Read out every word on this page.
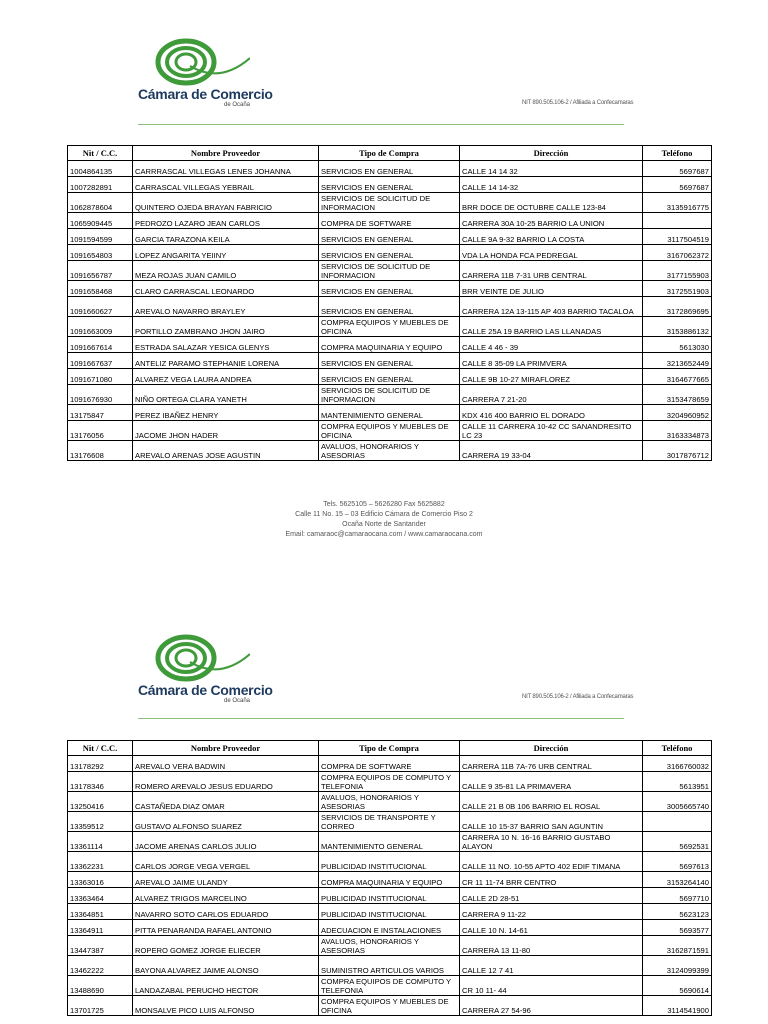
Cámara de Comercio
de Ocaña	NIT 890.505.106-2 / Afiliada a Confecamaras
Nit / C.C.	Nombre Proveedor	Tipo de Compra	Dirección	Teléfono
1004864135	CARRRASCAL VILLEGAS LENES JOHANNA	SERVICIOS EN GENERAL	CALLE 14 14 32	5697687
1007282891	CARRASCAL VILLEGAS YEBRAIL	SERVICIOS EN GENERAL	CALLE 14 14-32	5697687
1062878604	QUINTERO OJEDA BRAYAN FABRICIO	SERVICIOS DE SOLICITUD DE INFORMACION	BRR DOCE DE OCTUBRE CALLE 123-84	3135916775
1065909445	PEDROZO LAZARO JEAN CARLOS	COMPRA DE SOFTWARE	CARRERA 30A 10-25 BARRIO LA UNION	
1091594599	GARCIA TARAZONA KEILA	SERVICIOS EN GENERAL	CALLE 9A 9-32 BARRIO LA COSTA	3117504519
1091654803	LOPEZ ANGARITA YEIINY	SERVICIOS EN GENERAL	VDA LA HONDA FCA PEDREGAL	3167062372
1091656787	MEZA ROJAS JUAN CAMILO	SERVICIOS DE SOLICITUD DE INFORMACION	CARRERA 11B 7-31 URB CENTRAL	3177155903
1091658468	CLARO CARRASCAL LEONARDO	SERVICIOS EN GENERAL	BRR VEINTE DE JULIO	3172551903
1091660627	AREVALO NAVARRO BRAYLEY	SERVICIOS EN GENERAL	CARRERA 12A 13-115 AP 403 BARRIO TACALOA	3172869695
1091663009	PORTILLO ZAMBRANO JHON JAIRO	COMPRA EQUIPOS Y MUEBLES DE OFICINA	CALLE 25A 19 BARRIO LAS LLANADAS	3153886132
1091667614	ESTRADA SALAZAR YESICA GLENYS	COMPRA MAQUINARIA Y EQUIPO	CALLE 4 46 - 39	5613030
1091667637	ANTELIZ PARAMO STEPHANIE LORENA	SERVICIOS EN GENERAL	CALLE 8 35-09 LA PRIMVERA	3213652449
1091671080	ALVAREZ VEGA LAURA ANDREA	SERVICIOS EN GENERAL	CALLE 9B 10-27 MIRAFLOREZ	3164677665
1091676930	NIÑO ORTEGA CLARA YANETH	SERVICIOS DE SOLICITUD DE INFORMACION	CARRERA 7 21-20	3153478659
13175847	PEREZ IBAÑEZ HENRY	MANTENIMIENTO GENERAL	KDX 416 400 BARRIO EL DORADO	3204960952
13176056	JACOME JHON HADER	COMPRA EQUIPOS Y MUEBLES DE OFICINA	CALLE 11 CARRERA 10-42 CC SANANDRESITO LC 23	3163334873
13176608	AREVALO ARENAS JOSE AGUSTIN	AVALUOS, HONORARIOS Y ASESORIAS	CARRERA 19 33-04	3017876712
Tels. 5625105 – 5626280 Fax 5625882
Calle 11 No. 15 – 03 Edificio Cámara de Comercio Piso 2
Ocaña Norte de Santander
Email: camaraoc@camaraocana.com / www.camaraocana.com
Cámara de Comercio
de Ocaña
NIT 890.505.106-2 / Afiliada a Confecamaras
Nit / C.C.	Nombre Proveedor	Tipo de Compra	Dirección	Teléfono
13178292	AREVALO VERA BADWIN	COMPRA DE SOFTWARE	CARRERA 11B 7A-76 URB CENTRAL	3166760032
13178346	ROMERO AREVALO JESUS EDUARDO	COMPRA EQUIPOS DE COMPUTO Y TELEFONIA	CALLE 9 35-81 LA PRIMAVERA	5613951
13250416	CASTAÑEDA DIAZ OMAR	AVALUOS, HONORARIOS Y ASESORIAS	CALLE 21 B 0B 106 BARRIO EL ROSAL	3005665740
13359512	GUSTAVO ALFONSO SUAREZ	SERVICIOS DE TRANSPORTE Y CORREO	CALLE 10 15-37 BARRIO SAN AGUNTIN	
13361114	JACOME ARENAS CARLOS JULIO	MANTENIMIENTO GENERAL	CARRERA 10 N. 16-16 BARRIO GUSTABO ALAYON	5692531
13362231	CARLOS JORGE VEGA VERGEL	PUBLICIDAD INSTITUCIONAL	CALLE 11 NO. 10-55 APTO 402 EDIF TIMANA	5697613
13363016	AREVALO JAIME ULANDY	COMPRA MAQUINARIA Y EQUIPO	CR 11 11-74 BRR CENTRO	3153264140
13363464	ALVAREZ TRIGOS MARCELINO	PUBLICIDAD INSTITUCIONAL	CALLE 2D 28-51	5697710
13364851	NAVARRO SOTO CARLOS EDUARDO	PUBLICIDAD INSTITUCIONAL	CARRERA 9 11-22	5623123
13364911	PITTA PENARANDA RAFAEL ANTONIO	ADECUACION E INSTALACIONES	CALLE 10 N. 14-61	5693577
13447387	ROPERO GOMEZ JORGE ELIECER	AVALUOS, HONORARIOS Y ASESORIAS	CARRERA 13 11-80	3162871591
13462222	BAYONA ALVAREZ JAIME ALONSO	SUMINISTRO ARTICULOS VARIOS	CALLE 12 7 41	3124099399
13488690	LANDAZABAL PERUCHO HECTOR	COMPRA EQUIPOS DE COMPUTO Y TELEFONIA	CR 10 11- 44	5690614
13701725	MONSALVE PICO LUIS ALFONSO	COMPRA EQUIPOS Y MUEBLES DE OFICINA	CARRERA 27 54-96	3114541900
